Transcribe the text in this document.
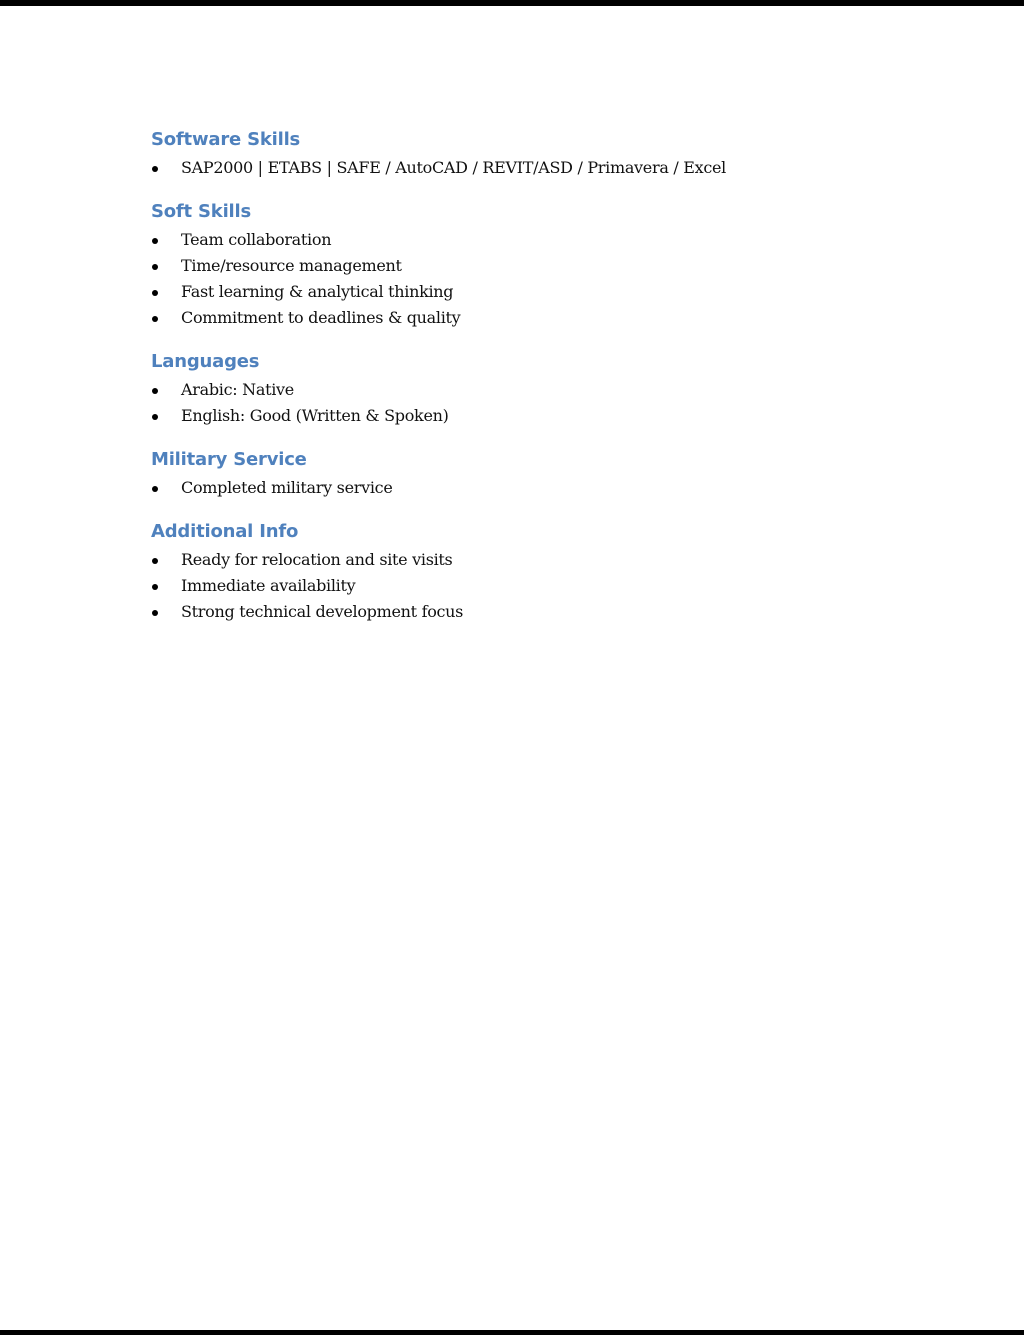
Software Skills
SAP2000 | ETABS | SAFE / AutoCAD / REVIT/ASD / Primavera / Excel
Soft Skills
Team collaboration
Time/resource management
Fast learning & analytical thinking
Commitment to deadlines & quality
Languages
Arabic: Native
English: Good (Written & Spoken)
Military Service
Completed military service
Additional Info
Ready for relocation and site visits
Immediate availability
Strong technical development focus
